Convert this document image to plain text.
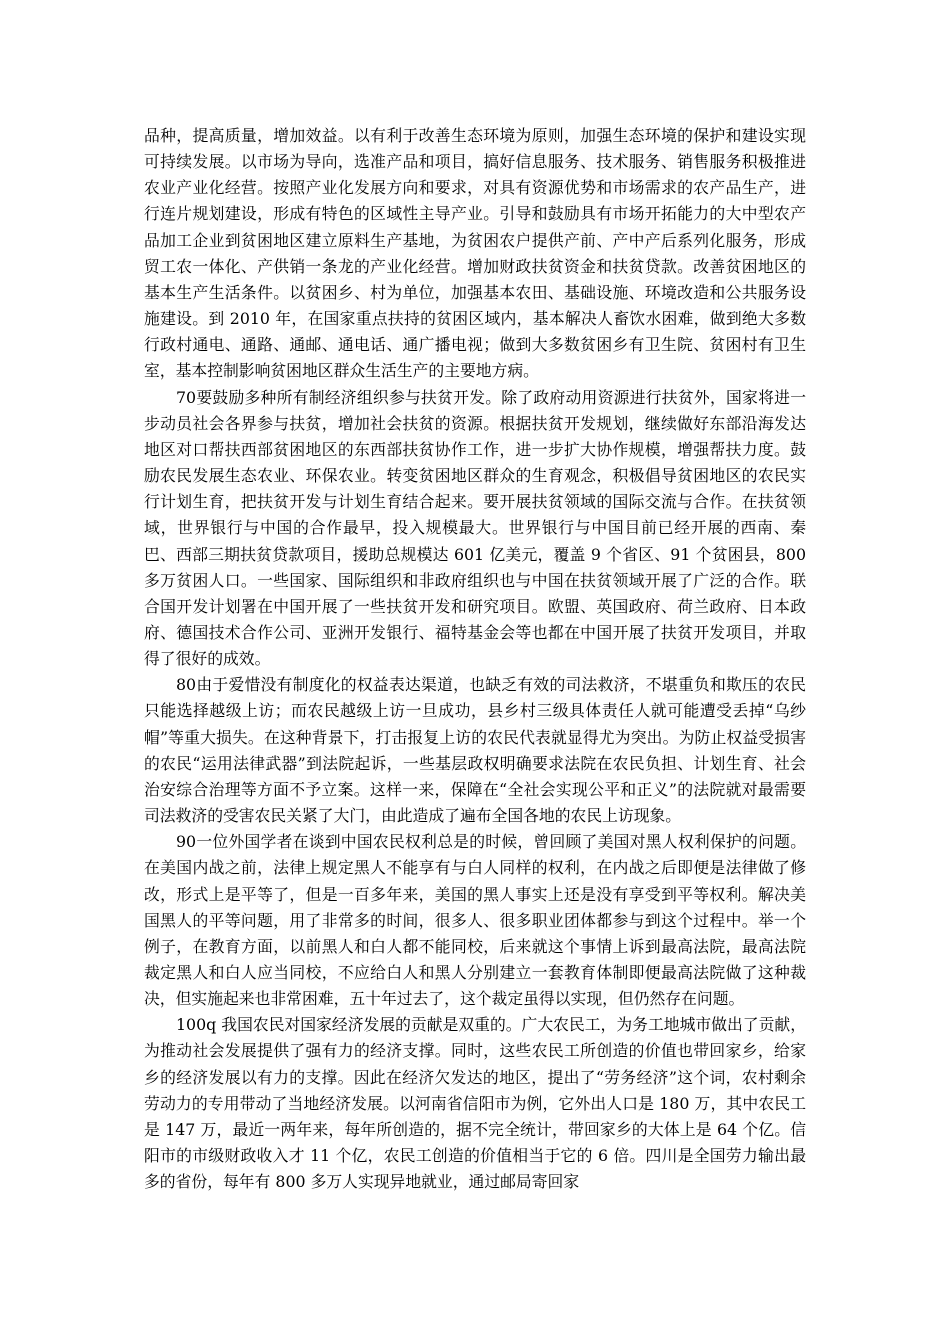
品种，提高质量，增加效益。以有利于改善生态环境为原则，加强生态环境的保护和建设实现可持续发展。以市场为导向，选准产品和项目，搞好信息服务、技术服务、销售服务积极推进农业产业化经营。按照产业化发展方向和要求，对具有资源优势和市场需求的农产品生产，进行连片规划建设，形成有特色的区域性主导产业。引导和鼓励具有市场开拓能力的大中型农产品加工企业到贫困地区建立原料生产基地，为贫困农户提供产前、产中产后系列化服务，形成贸工农一体化、产供销一条龙的产业化经营。增加财政扶贫资金和扶贫贷款。改善贫困地区的基本生产生活条件。以贫困乡、村为单位，加强基本农田、基础设施、环境改造和公共服务设施建设。到 2010 年，在国家重点扶持的贫困区域内，基本解决人畜饮水困难，做到绝大多数行政村通电、通路、通邮、通电话、通广播电视；做到大多数贫困乡有卫生院、贫困村有卫生室，基本控制影响贫困地区群众生活生产的主要地方病。

70要鼓励多种所有制经济组织参与扶贫开发。除了政府动用资源进行扶贫外，国家将进一步动员社会各界参与扶贫，增加社会扶贫的资源。根据扶贫开发规划，继续做好东部沿海发达地区对口帮扶西部贫困地区的东西部扶贫协作工作，进一步扩大协作规模，增强帮扶力度。鼓励农民发展生态农业、环保农业。转变贫困地区群众的生育观念，积极倡导贫困地区的农民实行计划生育，把扶贫开发与计划生育结合起来。要开展扶贫领域的国际交流与合作。在扶贫领域，世界银行与中国的合作最早，投入规模最大。世界银行与中国目前已经开展的西南、秦巴、西部三期扶贫贷款项目，援助总规模达 601 亿美元，覆盖 9 个省区、91 个贫困县，800 多万贫困人口。一些国家、国际组织和非政府组织也与中国在扶贫领域开展了广泛的合作。联合国开发计划署在中国开展了一些扶贫开发和研究项目。欧盟、英国政府、荷兰政府、日本政府、德国技术合作公司、亚洲开发银行、福特基金会等也都在中国开展了扶贫开发项目，并取得了很好的成效。

80由于爱惜没有制度化的权益表达渠道，也缺乏有效的司法救济，不堪重负和欺压的农民只能选择越级上访；而农民越级上访一旦成功，县乡村三级具体责任人就可能遭受丢掉“乌纱帽”等重大损失。在这种背景下，打击报复上访的农民代表就显得尤为突出。为防止权益受损害的农民“运用法律武器”到法院起诉，一些基层政权明确要求法院在农民负担、计划生育、社会治安综合治理等方面不予立案。这样一来，保障在“全社会实现公平和正义”的法院就对最需要司法救济的受害农民关紧了大门，由此造成了遍布全国各地的农民上访现象。

90一位外国学者在谈到中国农民权利总是的时候，曾回顾了美国对黑人权利保护的问题。在美国内战之前，法律上规定黑人不能享有与白人同样的权利，在内战之后即便是法律做了修改，形式上是平等了，但是一百多年来，美国的黑人事实上还是没有享受到平等权利。解决美国黑人的平等问题，用了非常多的时间，很多人、很多职业团体都参与到这个过程中。举一个例子，在教育方面，以前黑人和白人都不能同校，后来就这个事情上诉到最高法院，最高法院裁定黑人和白人应当同校，不应给白人和黑人分别建立一套教育体制即便最高法院做了这种裁决，但实施起来也非常困难，五十年过去了，这个裁定虽得以实现，但仍然存在问题。

100q 我国农民对国家经济发展的贡献是双重的。广大农民工，为务工地城市做出了贡献，为推动社会发展提供了强有力的经济支撑。同时，这些农民工所创造的价值也带回家乡，给家乡的经济发展以有力的支撑。因此在经济欠发达的地区，提出了“劳务经济”这个词，农村剩余劳动力的专用带动了当地经济发展。以河南省信阳市为例，它外出人口是 180 万，其中农民工是 147 万，最近一两年来，每年所创造的，据不完全统计，带回家乡的大体上是 64 个亿。信阳市的市级财政收入才 11 个亿，农民工创造的价值相当于它的 6 倍。四川是全国劳力输出最多的省份，每年有 800 多万人实现异地就业，通过邮局寄回家
